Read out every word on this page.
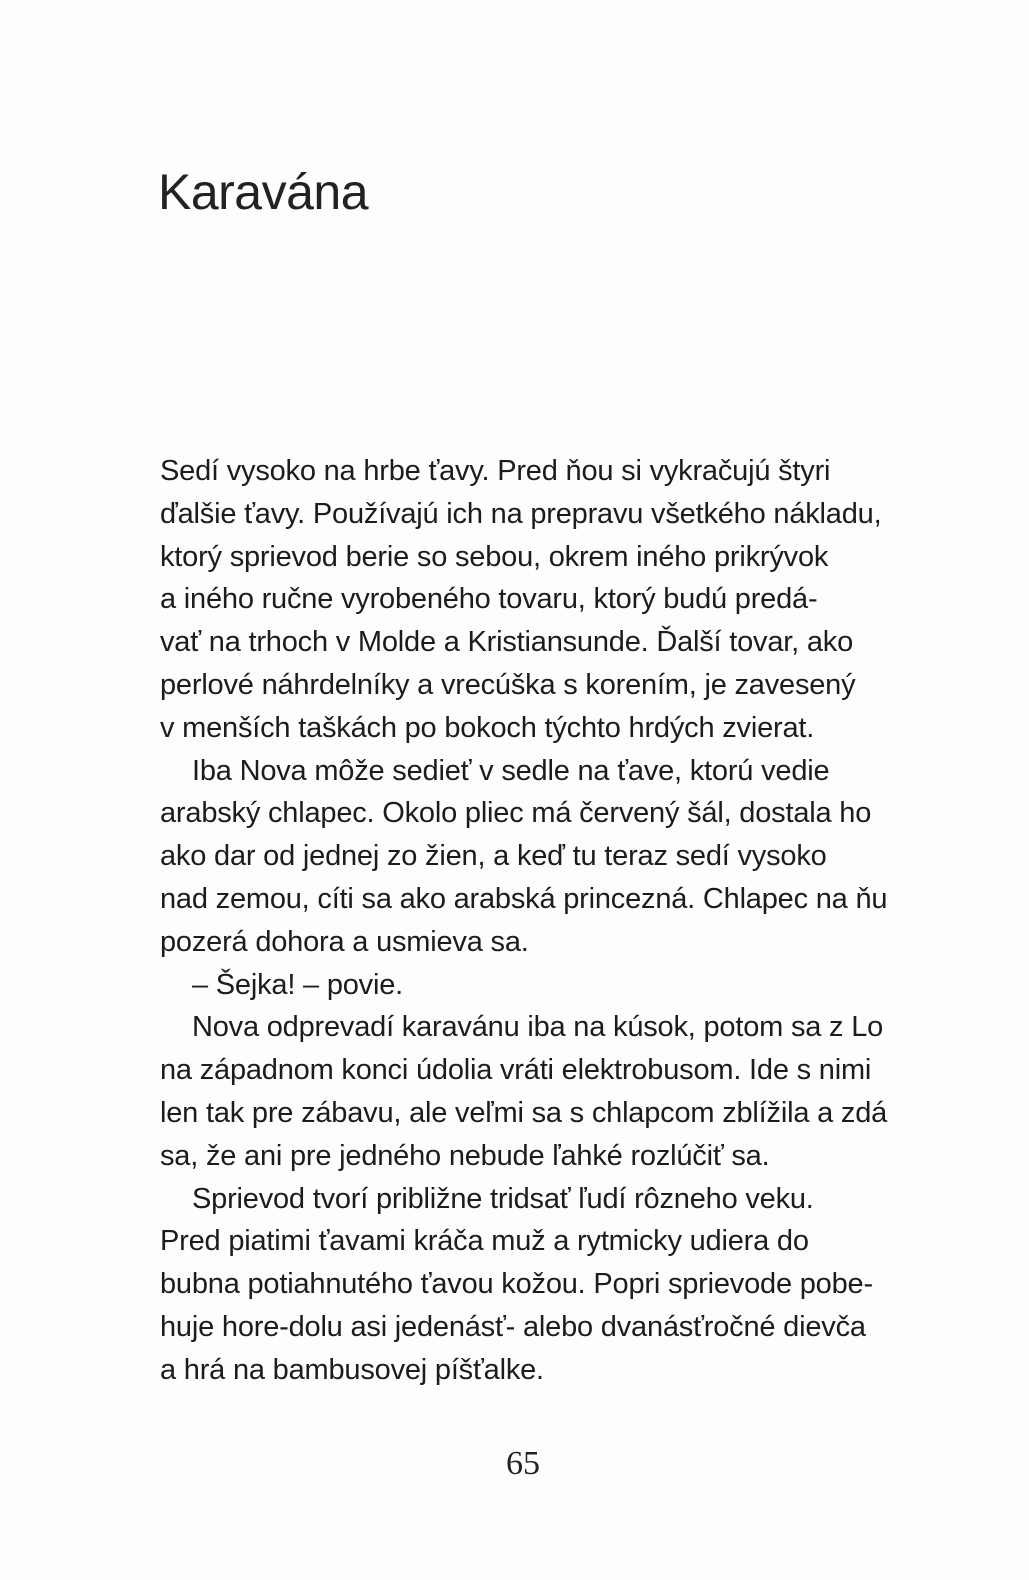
Karavána
Sedí vysoko na hrbe ťavy. Pred ňou si vykračujú štyri
ďalšie ťavy. Používajú ich na prepravu všetkého nákladu,
ktorý sprievod berie so sebou, okrem iného prikrývok
a iného ručne vyrobeného tovaru, ktorý budú predá-
vať na trhoch v Molde a Kristiansunde. Ďalší tovar, ako
perlové náhrdelníky a vrecúška s korením, je zavesený
v menších taškách po bokoch týchto hrdých zvierat.
Iba Nova môže sedieť v sedle na ťave, ktorú vedie
arabský chlapec. Okolo pliec má červený šál, dostala ho
ako dar od jednej zo žien, a keď tu teraz sedí vysoko
nad zemou, cíti sa ako arabská princezná. Chlapec na ňu
pozerá dohora a usmieva sa.
– Šejka! – povie.
Nova odprevadí karavánu iba na kúsok, potom sa z Lo
na západnom konci údolia vráti elektrobusom. Ide s nimi
len tak pre zábavu, ale veľmi sa s chlapcom zblížila a zdá
sa, že ani pre jedného nebude ľahké rozlúčiť sa.
Sprievod tvorí približne tridsať ľudí rôzneho veku.
Pred piatimi ťavami kráča muž a rytmicky udiera do
bubna potiahnutého ťavou kožou. Popri sprievode pobe-
huje hore-dolu asi jedenásť- alebo dvanásťročné dievča
a hrá na bambusovej píšťalke.
65
